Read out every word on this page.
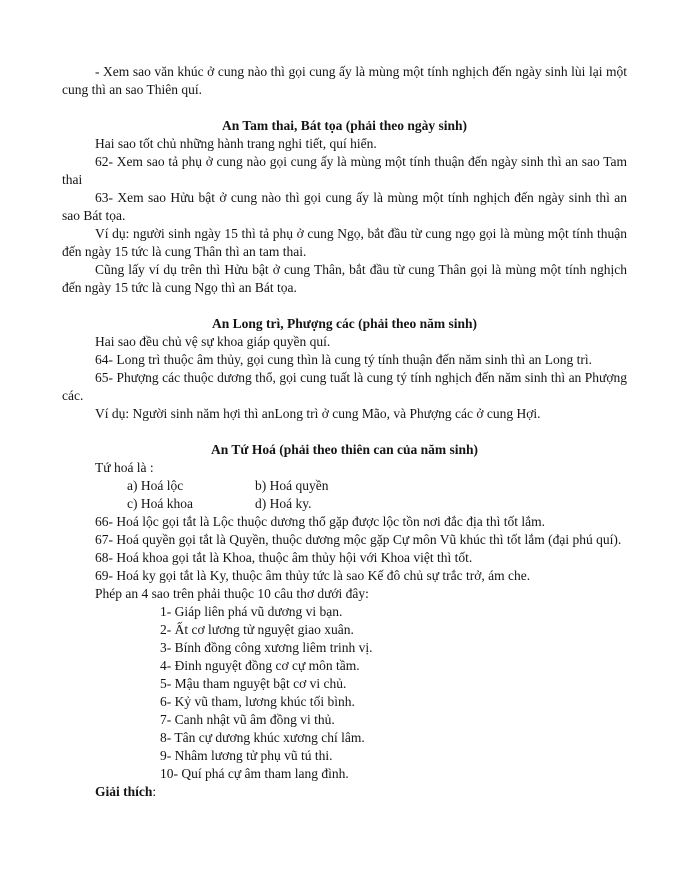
- Xem sao văn khúc ở cung nào thì gọi cung ấy là mùng một tính nghịch đến ngày sinh lùi lại một cung thì an sao Thiên quí.

An Tam thai, Bát tọa (phải theo ngày sinh)

Hai sao tốt chủ những hành trang nghi tiết, quí hiển.

62- Xem sao tả phụ ở cung nào gọi cung ấy là mùng một tính thuận đến ngày sinh thì an sao Tam thai

63- Xem sao Hửu bật ở cung nào thì gọi cung ấy là mùng một tính nghịch đến ngày sinh thì an sao Bát tọa.

Ví dụ: người sinh ngày 15 thì tả phụ ở cung Ngọ, bắt đầu từ cung ngọ gọi là mùng một tính thuận đến ngày 15 tức là cung Thân thì an tam thai.

Cũng lấy ví dụ trên thì Hửu bật ở cung Thân, bắt đầu từ cung Thân gọi là mùng một tính nghịch đến ngày 15 tức là cung Ngọ thì an Bát tọa.

An Long trì, Phượng các (phải theo năm sinh)

Hai sao đều chủ vệ sự khoa giáp quyền quí.

64- Long trì thuộc âm thủy, gọi cung thìn là cung tý tính thuận đến năm sinh thì an Long trì.

65- Phượng các thuộc dương thổ, gọi cung tuất là cung tý tính nghịch đến năm sinh thì an Phượng các.

Ví dụ: Người sinh năm hợi thì anLong trì ở cung Mão, và Phượng các ở cung Hợi.

An Tứ Hoá (phải theo thiên can của năm sinh)

Tứ hoá là :

a) Hoá lộc	b) Hoá quyền
c) Hoá khoa	d) Hoá ky.

66- Hoá lộc gọi tắt là Lộc thuộc dương thổ gặp được lộc tồn nơi đắc địa thì tốt lắm.

67- Hoá quyền gọi tắt là Quyền, thuộc dương mộc gặp Cự môn Vũ khúc thì tốt lắm (đại phú quí).

68- Hoá khoa gọi tắt là Khoa, thuộc âm thủy hội với Khoa việt thì tốt.

69- Hoá ky gọi tắt là Ky, thuộc âm thủy tức là sao Kế đô chủ sự trắc trở, ám che.

Phép an 4 sao trên phải thuộc 10 câu thơ dưới đây:

1- Giáp liên phá vũ dương vi bạn.

2- Ất cơ lương tử nguyệt giao xuân.

3- Bính đồng công xương liêm trinh vị.

4- Đinh nguyệt đồng cơ cự môn tầm.

5- Mậu tham nguyệt bật cơ vi chủ.

6- Kỷ vũ tham, lương khúc tối bình.

7- Canh nhật vũ âm đồng vi thủ.

8- Tân cự dương khúc xương chí lâm.

9- Nhâm lương tử phụ vũ tú thi.

10- Quí phá cự âm tham lang đình.

Giải thích:
